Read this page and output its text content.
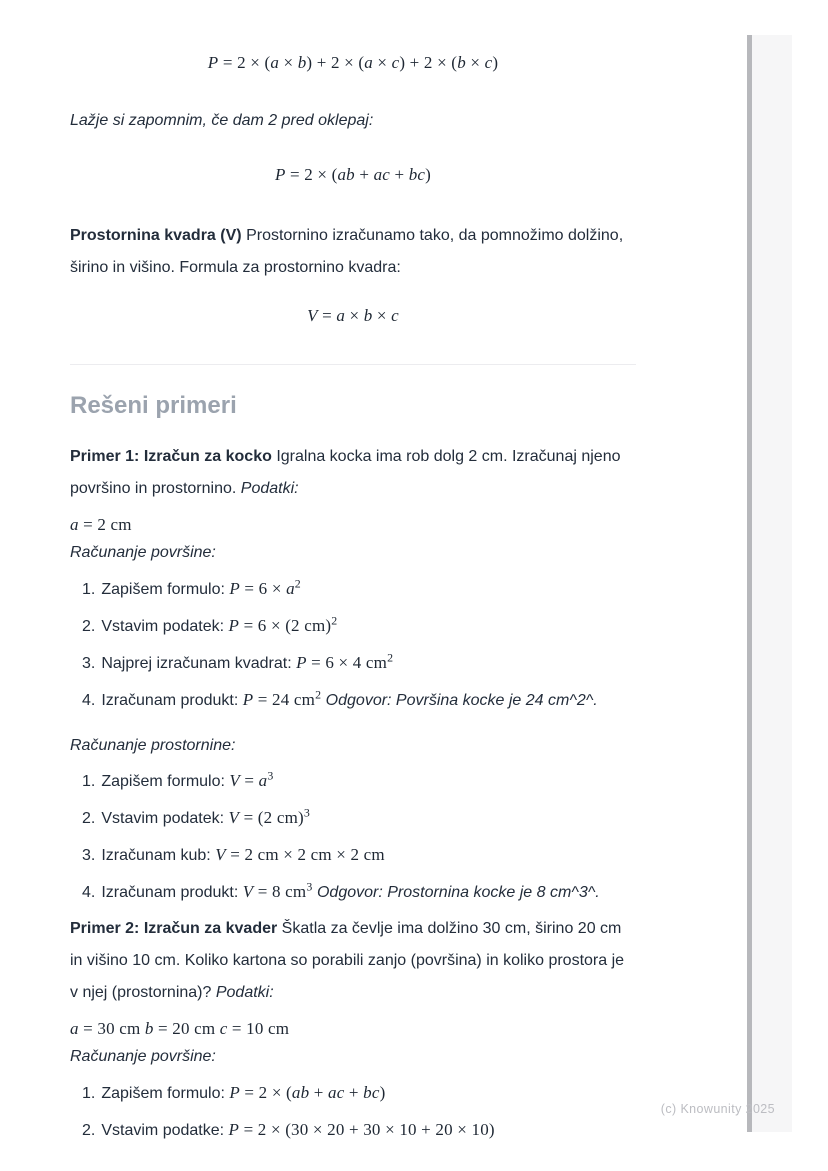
P = 2 × (a × b) + 2 × (a × c) + 2 × (b × c)

Lažje si zapomnim, če dam 2 pred oklepaj:

P = 2 × (ab + ac + bc)

Prostornina kvadra (V) Prostornino izračunamo tako, da pomnožimo dolžino, širino in višino. Formula za prostornino kvadra:

V = a × b × c
Rešeni primeri

Primer 1: Izračun za kocko Igralna kocka ima rob dolg 2 cm. Izračunaj njeno površino in prostornino. Podatki:

a = 2 cm
Računanje površine:
1. Zapišem formulo: $P = 6 \times a^2$
2. Vstavim podatek: P = 6 × (2 cm)$^2$
3. Najprej izračunam kvadrat: P = 6 × 4 $cm^2$
4. Izračunam produkt: P = 24 $cm^2$ Odgovor: Površina kocke je 24 cm^2^.
Računanje prostornine:
1. Zapišem formulo: $V = a^3$
2. Vstavim podatek: V = (2 cm)$^3$
3. Izračunam kub: V = 2 cm × 2 cm × 2 cm
4. Izračunam produkt: V = 8 $cm^3$ Odgovor: Prostornina kocke je 8 cm^3^.

Primer 2: Izračun za kvader Škatla za čevlje ima dolžino 30 cm, širino 20 cm in višino 10 cm. Koliko kartona so porabili zanjo (površina) in koliko prostora je v njej (prostornina)? Podatki:

a = 30 cm b = 20 cm c = 10 cm
Računanje površine:
1. Zapišem formulo: P = 2 × (ab + ac + bc)
2. Vstavim podatke: P = 2 × (30 × 20 + 30 × 10 + 20 × 10)
(c) Knowunity 2025
